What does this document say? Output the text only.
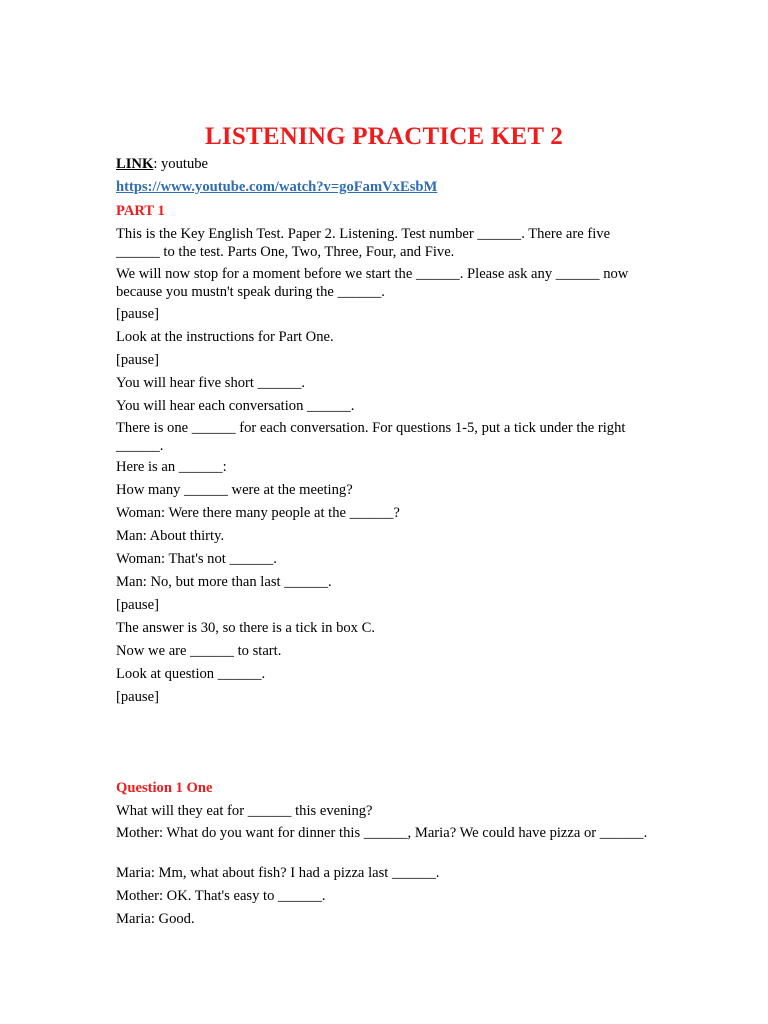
LISTENING PRACTICE KET 2
LINK: youtube
https://www.youtube.com/watch?v=goFamVxEsbM
PART 1
This is the Key English Test. Paper 2. Listening. Test number ______. There are five ______ to the test. Parts One, Two, Three, Four, and Five.
We will now stop for a moment before we start the ______. Please ask any ______ now because you mustn't speak during the ______.
[pause]
Look at the instructions for Part One.
[pause]
You will hear five short ______.
You will hear each conversation ______.
There is one ______ for each conversation. For questions 1-5, put a tick under the right ______.
Here is an ______:
How many ______ were at the meeting?
Woman: Were there many people at the ______?
Man: About thirty.
Woman: That's not ______.
Man: No, but more than last ______.
[pause]
The answer is 30, so there is a tick in box C.
Now we are ______ to start.
Look at question ______.
[pause]
Question 1 One
What will they eat for ______ this evening?
Mother: What do you want for dinner this ______, Maria? We could have pizza or ______.
Maria: Mm, what about fish? I had a pizza last ______.
Mother: OK. That's easy to ______.
Maria: Good.
